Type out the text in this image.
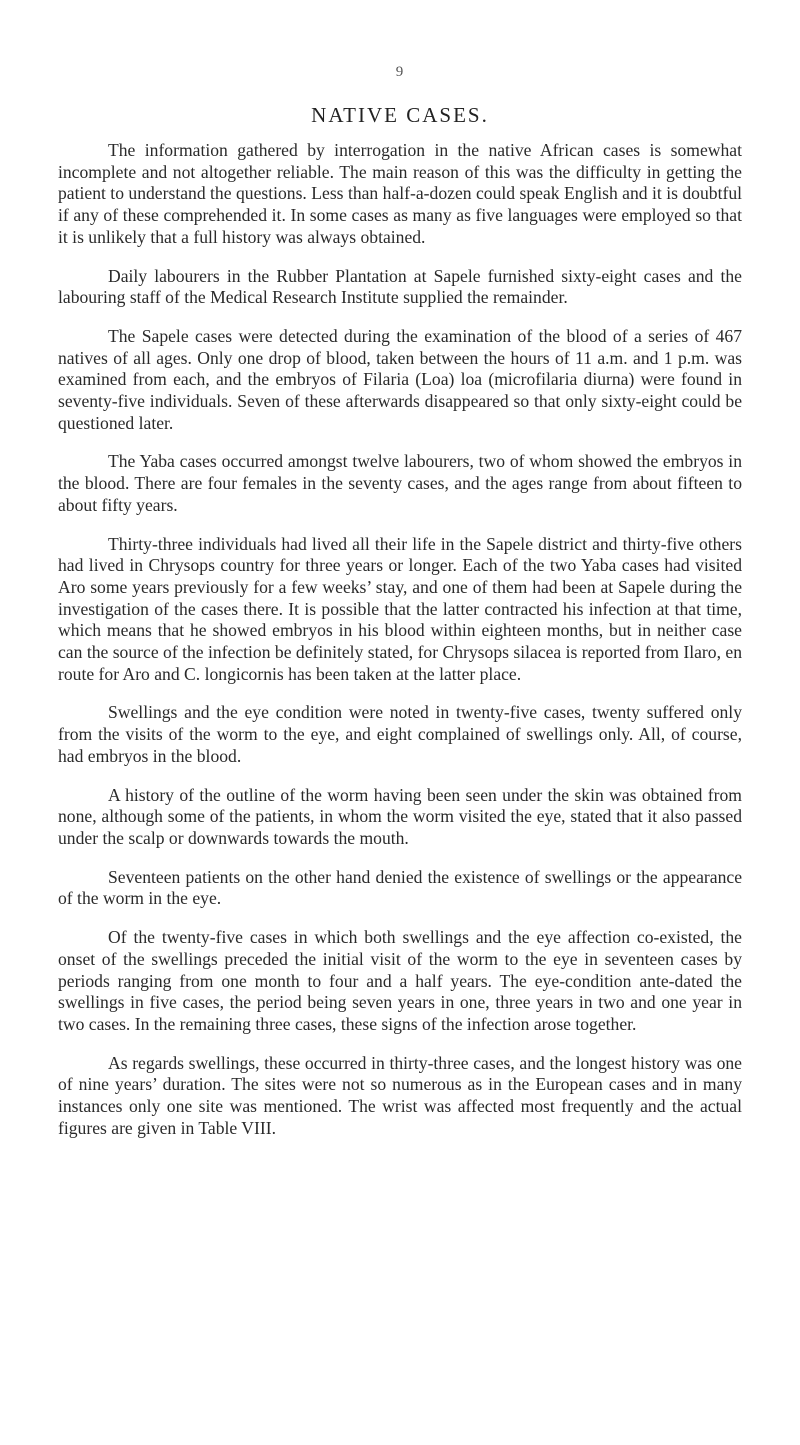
9
NATIVE CASES.

The information gathered by interrogation in the native African cases is somewhat incomplete and not altogether reliable. The main reason of this was the difficulty in getting the patient to understand the questions. Less than half-a-dozen could speak English and it is doubtful if any of these comprehended it. In some cases as many as five languages were employed so that it is unlikely that a full history was always obtained.

Daily labourers in the Rubber Plantation at Sapele furnished sixty-eight cases and the labouring staff of the Medical Research Institute supplied the remainder.

The Sapele cases were detected during the examination of the blood of a series of 467 natives of all ages. Only one drop of blood, taken between the hours of 11 a.m. and 1 p.m. was examined from each, and the embryos of Filaria (Loa) loa (microfilaria diurna) were found in seventy-five individuals. Seven of these afterwards disappeared so that only sixty-eight could be questioned later.

The Yaba cases occurred amongst twelve labourers, two of whom showed the embryos in the blood. There are four females in the seventy cases, and the ages range from about fifteen to about fifty years.

Thirty-three individuals had lived all their life in the Sapele district and thirty-five others had lived in Chrysops country for three years or longer. Each of the two Yaba cases had visited Aro some years previously for a few weeks’ stay, and one of them had been at Sapele during the investigation of the cases there. It is possible that the latter contracted his infection at that time, which means that he showed embryos in his blood within eighteen months, but in neither case can the source of the infection be definitely stated, for Chrysops silacea is reported from Ilaro, en route for Aro and C. longicornis has been taken at the latter place.

Swellings and the eye condition were noted in twenty-five cases, twenty suffered only from the visits of the worm to the eye, and eight complained of swellings only. All, of course, had embryos in the blood.

A history of the outline of the worm having been seen under the skin was obtained from none, although some of the patients, in whom the worm visited the eye, stated that it also passed under the scalp or downwards towards the mouth.

Seventeen patients on the other hand denied the existence of swellings or the appearance of the worm in the eye.

Of the twenty-five cases in which both swellings and the eye affection co-existed, the onset of the swellings preceded the initial visit of the worm to the eye in seventeen cases by periods ranging from one month to four and a half years. The eye-condition ante-dated the swellings in five cases, the period being seven years in one, three years in two and one year in two cases. In the remaining three cases, these signs of the infection arose together.

As regards swellings, these occurred in thirty-three cases, and the longest history was one of nine years’ duration. The sites were not so numerous as in the European cases and in many instances only one site was mentioned. The wrist was affected most frequently and the actual figures are given in Table VIII.
